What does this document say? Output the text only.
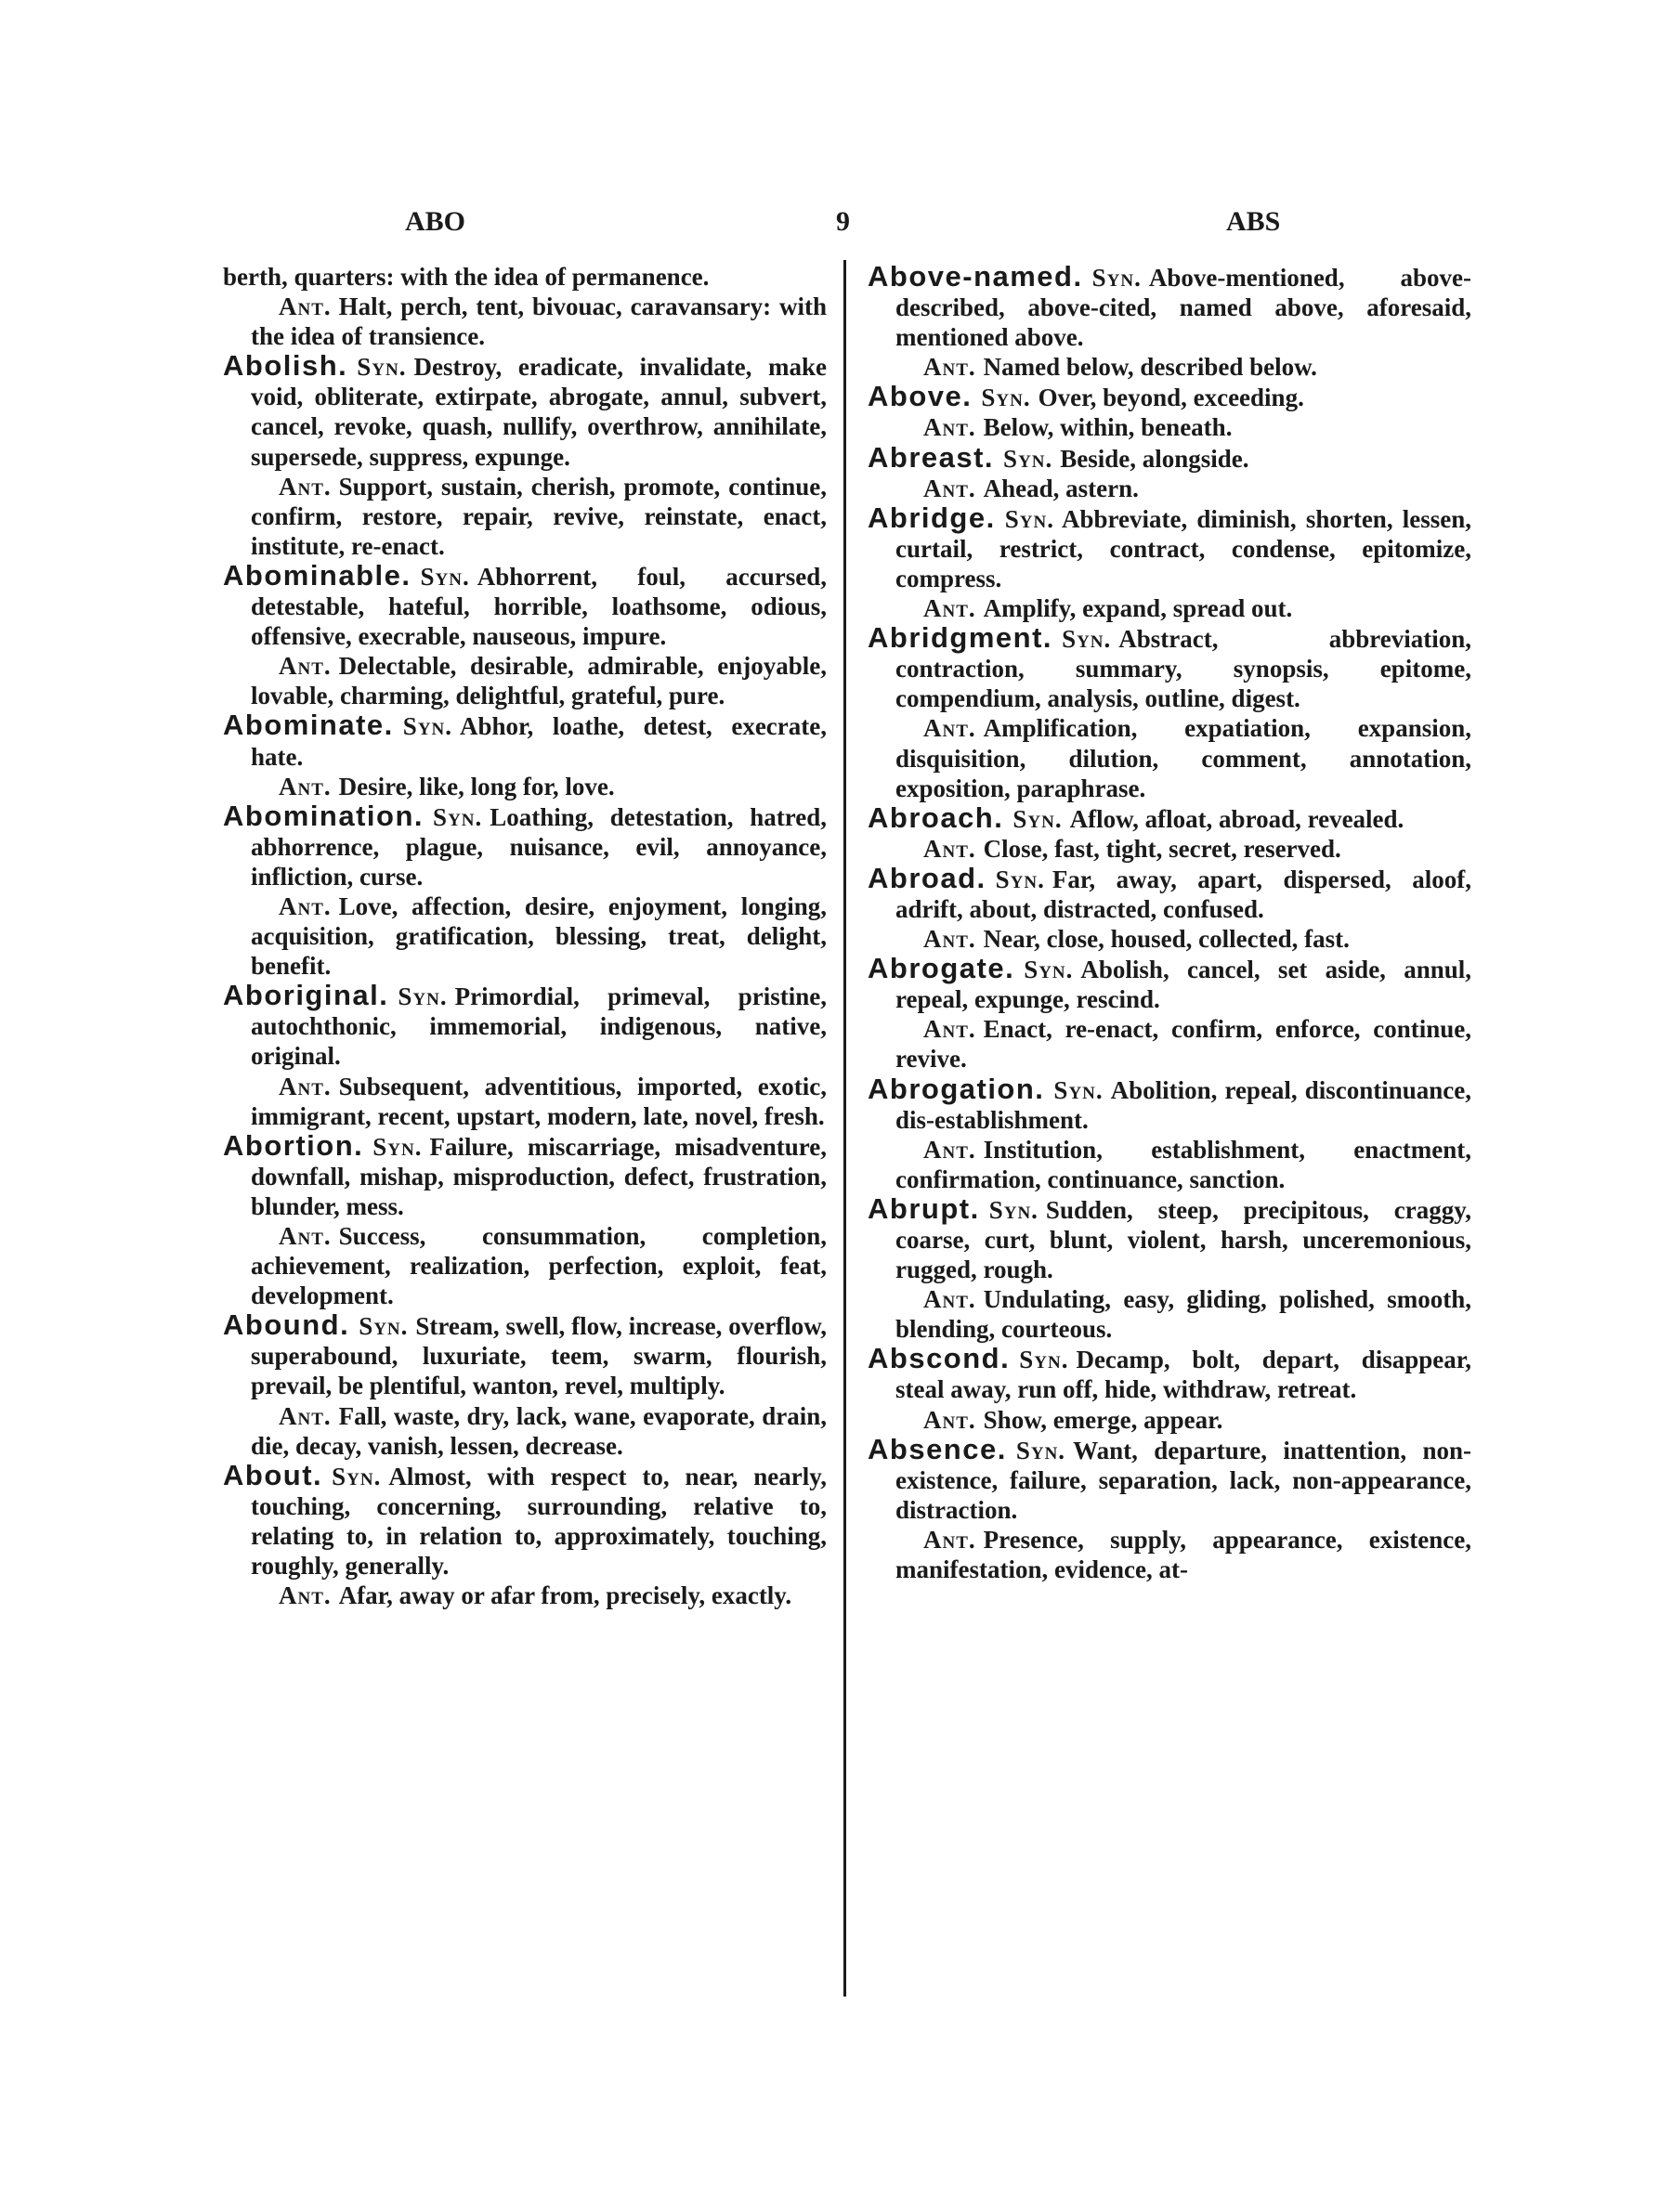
ABO	9	ABS
berth, quarters: with the idea of permanence.
Ant. Halt, perch, tent, bivouac, caravansary: with the idea of transience.
Abolish. Syn. Destroy, eradicate, invalidate, make void, obliterate, extirpate, abrogate, annul, subvert, cancel, revoke, quash, nullify, overthrow, annihilate, supersede, suppress, expunge.
Ant. Support, sustain, cherish, promote, continue, confirm, restore, repair, revive, reinstate, enact, institute, re-enact.
Abominable. Syn. Abhorrent, foul, accursed, detestable, hateful, horrible, loathsome, odious, offensive, execrable, nauseous, impure.
Ant. Delectable, desirable, admirable, enjoyable, lovable, charming, delightful, grateful, pure.
Abominate. Syn. Abhor, loathe, detest, execrate, hate.
Ant. Desire, like, long for, love.
Abomination. Syn. Loathing, detestation, hatred, abhorrence, plague, nuisance, evil, annoyance, infliction, curse.
Ant. Love, affection, desire, enjoyment, longing, acquisition, gratification, blessing, treat, delight, benefit.
Aboriginal. Syn. Primordial, primeval, pristine, autochthonic, immemorial, indigenous, native, original.
Ant. Subsequent, adventitious, imported, exotic, immigrant, recent, upstart, modern, late, novel, fresh.
Abortion. Syn. Failure, miscarriage, misadventure, downfall, mishap, misproduction, defect, frustration, blunder, mess.
Ant. Success, consummation, completion, achievement, realization, perfection, exploit, feat, development.
Abound. Syn. Stream, swell, flow, increase, overflow, superabound, luxuriate, teem, swarm, flourish, prevail, be plentiful, wanton, revel, multiply.
Ant. Fall, waste, dry, lack, wane, evaporate, drain, die, decay, vanish, lessen, decrease.
About. Syn. Almost, with respect to, near, nearly, touching, concerning, surrounding, relative to, relating to, in relation to, approximately, touching, roughly, generally.
Ant. Afar, away or afar from, precisely, exactly.
Above-named. Syn. Above-mentioned, above-described, above-cited, named above, aforesaid, mentioned above.
Ant. Named below, described below.
Above. Syn. Over, beyond, exceeding.
Ant. Below, within, beneath.
Abreast. Syn. Beside, alongside.
Ant. Ahead, astern.
Abridge. Syn. Abbreviate, diminish, shorten, lessen, curtail, restrict, contract, condense, epitomize, compress.
Ant. Amplify, expand, spread out.
Abridgment. Syn. Abstract, abbreviation, contraction, summary, synopsis, epitome, compendium, analysis, outline, digest.
Ant. Amplification, expatiation, expansion, disquisition, dilution, comment, annotation, exposition, paraphrase.
Abroach. Syn. Aflow, afloat, abroad, revealed.
Ant. Close, fast, tight, secret, reserved.
Abroad. Syn. Far, away, apart, dispersed, aloof, adrift, about, distracted, confused.
Ant. Near, close, housed, collected, fast.
Abrogate. Syn. Abolish, cancel, set aside, annul, repeal, expunge, rescind.
Ant. Enact, re-enact, confirm, enforce, continue, revive.
Abrogation. Syn. Abolition, repeal, discontinuance, dis-establishment.
Ant. Institution, establishment, enactment, confirmation, continuance, sanction.
Abrupt. Syn. Sudden, steep, precipitous, craggy, coarse, curt, blunt, violent, harsh, unceremonious, rugged, rough.
Ant. Undulating, easy, gliding, polished, smooth, blending, courteous.
Abscond. Syn. Decamp, bolt, depart, disappear, steal away, run off, hide, withdraw, retreat.
Ant. Show, emerge, appear.
Absence. Syn. Want, departure, inattention, non-existence, failure, separation, lack, non-appearance, distraction.
Ant. Presence, supply, appearance, existence, manifestation, evidence, at-
